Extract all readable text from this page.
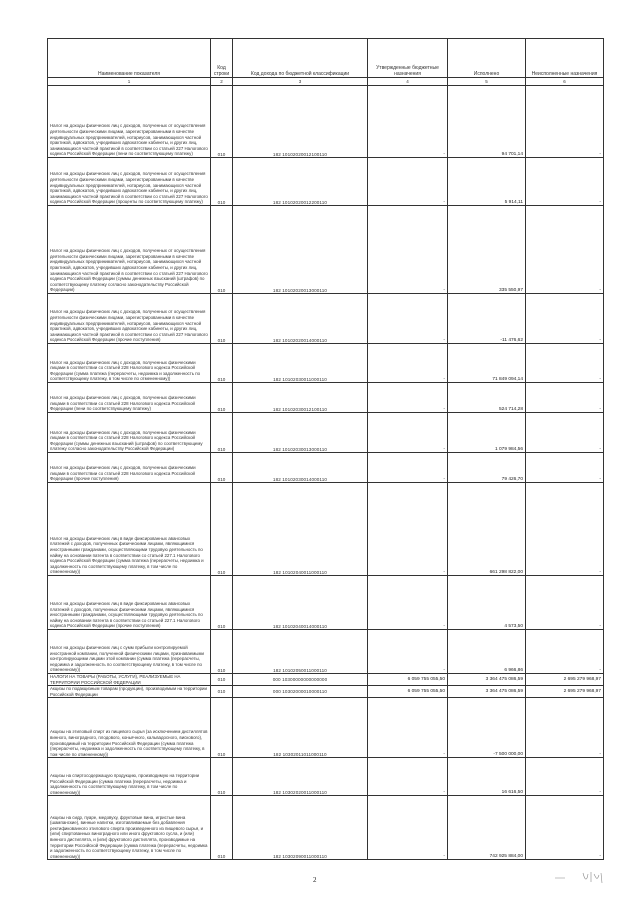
Наименование показателя	Код строки	Код дохода по бюджетной классификации	Утвержденные бюджетные назначения	Исполнено	Неисполненные назначения
1	2	3	4	5	6
Налог на доходы физических лиц с доходов, полученных от осуществления деятельности физическими лицами, зарегистрированными в качестве индивидуальных предпринимателей, нотариусов, занимающихся частной практикой, адвокатов, учредивших адвокатские кабинеты, и других лиц, занимающихся частной практикой в соответствии со статьей 227 Налогового кодекса Российской Федерации (пени по соответствующему платежу)	010	182 10102020012100110	-	94 701,14	-
Налог на доходы физических лиц с доходов, полученных от осуществления деятельности физическими лицами, зарегистрированными в качестве индивидуальных предпринимателей, нотариусов, занимающихся частной практикой, адвокатов, учредивших адвокатские кабинеты, и других лиц, занимающихся частной практикой в соответствии со статьей 227 Налогового кодекса Российской Федерации (проценты по соответствующему платежу)	010	182 10102020012200110	-	5 914,11	-
Налог на доходы физических лиц с доходов, полученных от осуществления деятельности физическими лицами, зарегистрированными в качестве индивидуальных предпринимателей, нотариусов, занимающихся частной практикой, адвокатов, учредивших адвокатские кабинеты, и других лиц, занимающихся частной практикой в соответствии со статьей 227 Налогового кодекса Российской Федерации (суммы денежных взысканий (штрафов) по соответствующему платежу согласно законодательству Российской Федерации)	010	182 10102020013000110	-	335 550,97	-
Налог на доходы физических лиц с доходов, полученных от осуществления деятельности физическими лицами, зарегистрированными в качестве индивидуальных предпринимателей, нотариусов, занимающихся частной практикой, адвокатов, учредивших адвокатские кабинеты, и других лиц, занимающихся частной практикой в соответствии со статьей 227 Налогового кодекса Российской Федерации (прочие поступления)	010	182 10102020014000110	-	-11 476,62	-
Налог на доходы физических лиц с доходов, полученных физическими лицами в соответствии со статьей 228 Налогового кодекса Российской Федерации (сумма платежа (перерасчеты, недоимка и задолженность по соответствующему платежу, в том числе по отмененному))	010	182 10102030011000110	-	71 849 094,14	-
Налог на доходы физических лиц с доходов, полученных физическими лицами в соответствии со статьей 228 Налогового кодекса Российской Федерации (пени по соответствующему платежу)	010	182 10102030012100110	-	524 714,28	-
Налог на доходы физических лиц с доходов, полученных физическими лицами в соответствии со статьей 228 Налогового кодекса Российской Федерации (суммы денежных взысканий (штрафов) по соответствующему платежу согласно законодательству Российской Федерации)	010	182 10102030013000110	-	1 079 984,56	-
Налог на доходы физических лиц с доходов, полученных физическими лицами в соответствии со статьей 228 Налогового кодекса Российской Федерации (прочие поступления)	010	182 10102030014000110	-	79 426,70	-
Налог на доходы физических лиц в виде фиксированных авансовых платежей с доходов, полученных физическими лицами, являющимися иностранными гражданами, осуществляющими трудовую деятельность по найму на основании патента в соответствии со статьей 227.1 Налогового кодекса Российской Федерации (сумма платежа (перерасчеты, недоимка и задолженность по соответствующему платежу, в том числе по отмененному))	010	182 10102040011000110	-	661 298 822,00	-
Налог на доходы физических лиц в виде фиксированных авансовых платежей с доходов, полученных физическими лицами, являющимися иностранными гражданами, осуществляющими трудовую деятельность по найму на основании патента в соответствии со статьей 227.1 Налогового кодекса Российской Федерации (прочие поступления)	010	182 10102040014000110	-	4 573,50	-
Налог на доходы физических лиц с сумм прибыли контролируемой иностранной компании, полученной физическими лицами, признаваемыми контролирующими лицами этой компании (сумма платежа (перерасчеты, недоимка и задолженность по соответствующему платежу, в том числе по отмененному))	010	182 10102050011000110	-	6 966,86	-
НАЛОГИ НА ТОВАРЫ (РАБОТЫ, УСЛУГИ), РЕАЛИЗУЕМЫЕ НА ТЕРРИТОРИИ РОССИЙСКОЙ ФЕДЕРАЦИИ	010	000 10300000000000000	6 059 755 055,50	3 364 475 086,59	2 695 279 968,97
Акцизы по подакцизным товарам (продукции), производимым на территории Российской Федерации	010	000 10302000010000110	6 059 755 055,50	3 364 475 086,59	2 695 279 968,97
Акцизы на этиловый спирт из пищевого сырья (за исключением дистиллятов винного, виноградного, плодового, коньячного, кальвадосного, вискового), производимый на территории Российской Федерации (сумма платежа (перерасчеты, недоимка и задолженность по соответствующему платежу, в том числе по отмененному))	010	182 10302011011000110	-	-7 500 000,00	-
Акцизы на спиртосодержащую продукцию, производимую на территории Российской Федерации (сумма платежа (перерасчеты, недоимка и задолженность по соответствующему платежу, в том числе по отмененному))	010	182 10302020011000110	-	16 616,50	-
Акцизы на сидр, пуаре, медовуху, фруктовые вина, игристые вина (шампанские), винные напитки, изготавливаемые без добавления ректификованного этилового спирта произведенного из пищевого сырья, и (или) спиртованных виноградного или иного фруктового сусла, и (или) винного дистиллята, и (или) фруктового дистиллята, производимые на территории Российской Федерации (сумма платежа (перерасчеты, недоимка и задолженность по соответствующему платежу, в том числе по отмененному))	010	182 10302090011000110	-	742 925 884,00	-
2
